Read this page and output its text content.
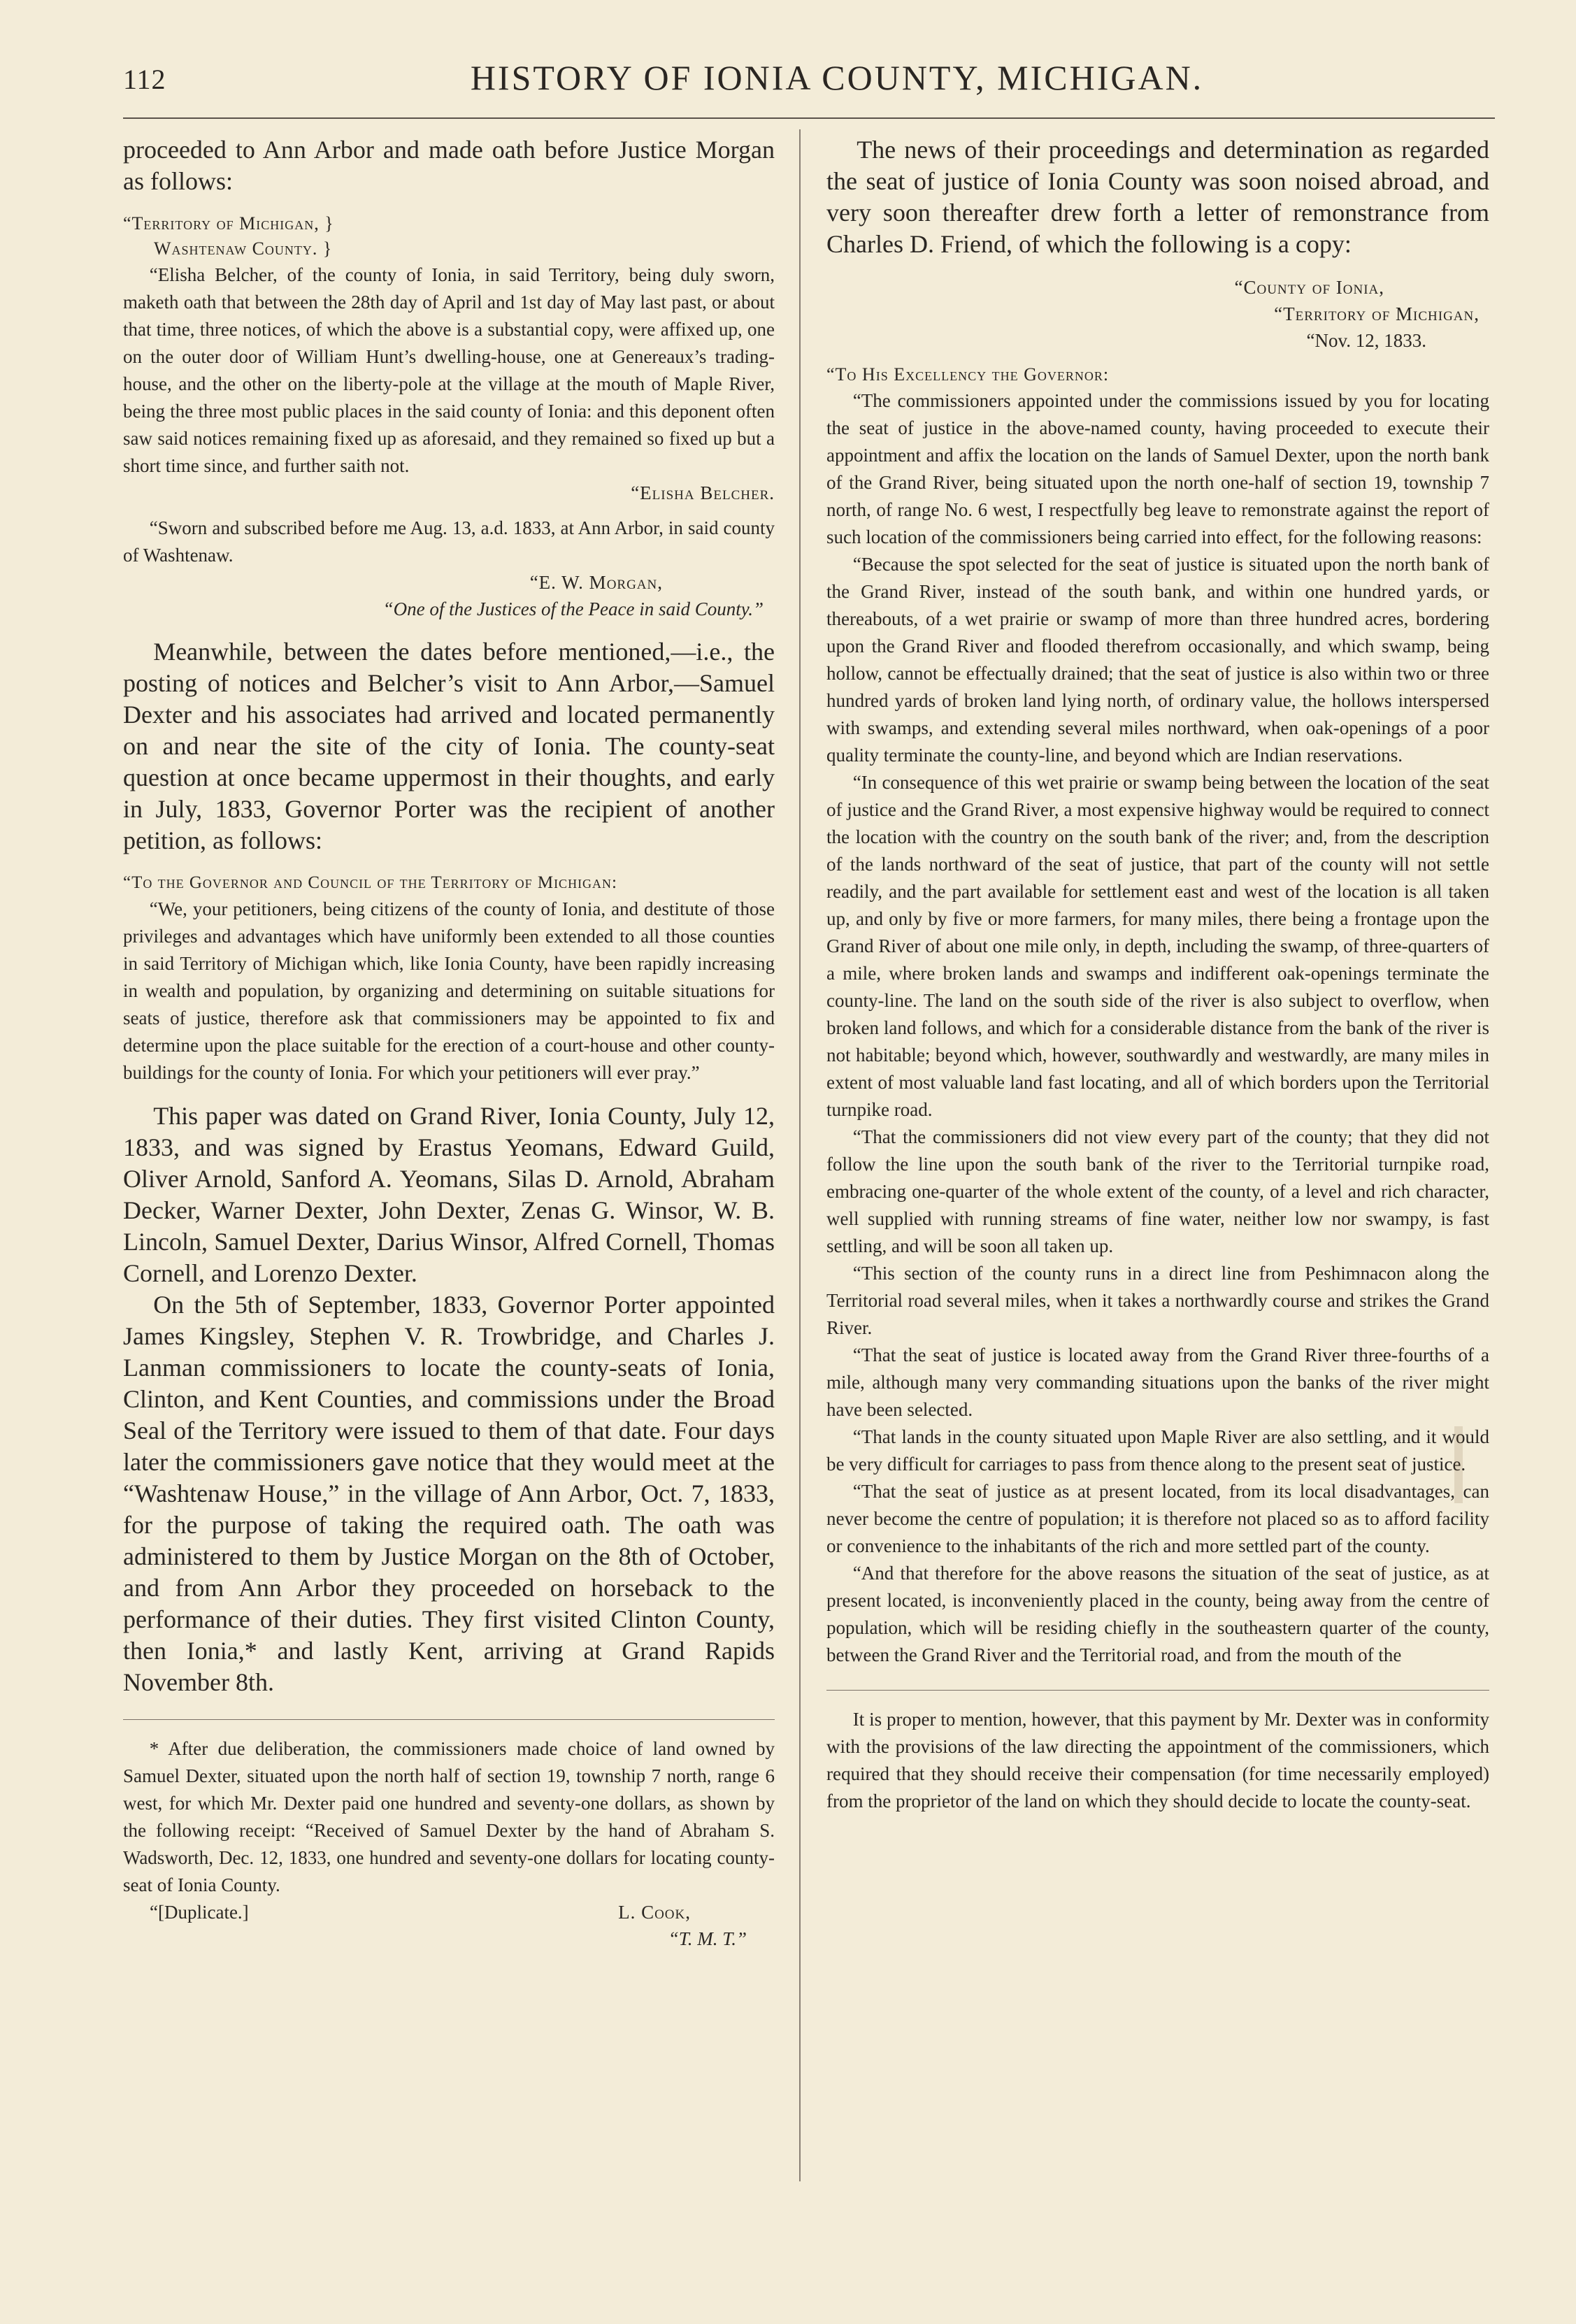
112	HISTORY OF IONIA COUNTY, MICHIGAN.

proceeded to Ann Arbor and made oath before Justice Morgan as follows:

“Territory of Michigan, }

Washtenaw County. }

“Elisha Belcher, of the county of Ionia, in said Territory, being duly sworn, maketh oath that between the 28th day of April and 1st day of May last past, or about that time, three notices, of which the above is a substantial copy, were affixed up, one on the outer door of William Hunt’s dwelling-house, one at Genereaux’s trading-house, and the other on the liberty-pole at the village at the mouth of Maple River, being the three most public places in the said county of Ionia: and this deponent often saw said notices remaining fixed up as aforesaid, and they remained so fixed up but a short time since, and further saith not.

“Elisha Belcher.

“Sworn and subscribed before me Aug. 13, a.d. 1833, at Ann Arbor, in said county of Washtenaw.

“E. W. Morgan,

“One of the Justices of the Peace in said County.”

Meanwhile, between the dates before mentioned,—i.e., the posting of notices and Belcher’s visit to Ann Arbor,—Samuel Dexter and his associates had arrived and located permanently on and near the site of the city of Ionia. The county-seat question at once became uppermost in their thoughts, and early in July, 1833, Governor Porter was the recipient of another petition, as follows:

“To the Governor and Council of the Territory of Michigan:

“We, your petitioners, being citizens of the county of Ionia, and destitute of those privileges and advantages which have uniformly been extended to all those counties in said Territory of Michigan which, like Ionia County, have been rapidly increasing in wealth and population, by organizing and determining on suitable situations for seats of justice, therefore ask that commissioners may be appointed to fix and determine upon the place suitable for the erection of a court-house and other county-buildings for the county of Ionia. For which your petitioners will ever pray.”

This paper was dated on Grand River, Ionia County, July 12, 1833, and was signed by Erastus Yeomans, Edward Guild, Oliver Arnold, Sanford A. Yeomans, Silas D. Arnold, Abraham Decker, Warner Dexter, John Dexter, Zenas G. Winsor, W. B. Lincoln, Samuel Dexter, Darius Winsor, Alfred Cornell, Thomas Cornell, and Lorenzo Dexter.

On the 5th of September, 1833, Governor Porter appointed James Kingsley, Stephen V. R. Trowbridge, and Charles J. Lanman commissioners to locate the county-seats of Ionia, Clinton, and Kent Counties, and commissions under the Broad Seal of the Territory were issued to them of that date. Four days later the commissioners gave notice that they would meet at the “Washtenaw House,” in the village of Ann Arbor, Oct. 7, 1833, for the purpose of taking the required oath. The oath was administered to them by Justice Morgan on the 8th of October, and from Ann Arbor they proceeded on horseback to the performance of their duties. They first visited Clinton County, then Ionia,* and lastly Kent, arriving at Grand Rapids November 8th.

* After due deliberation, the commissioners made choice of land owned by Samuel Dexter, situated upon the north half of section 19, township 7 north, range 6 west, for which Mr. Dexter paid one hundred and seventy-one dollars, as shown by the following receipt: “Received of Samuel Dexter by the hand of Abraham S. Wadsworth, Dec. 12, 1833, one hundred and seventy-one dollars for locating county-seat of Ionia County.

“[Duplicate.]	L. Cook,

“T. M. T.”

The news of their proceedings and determination as regarded the seat of justice of Ionia County was soon noised abroad, and very soon thereafter drew forth a letter of remonstrance from Charles D. Friend, of which the following is a copy:

“County of Ionia,

“Territory of Michigan,

“Nov. 12, 1833.

“To His Excellency the Governor:

“The commissioners appointed under the commissions issued by you for locating the seat of justice in the above-named county, having proceeded to execute their appointment and affix the location on the lands of Samuel Dexter, upon the north bank of the Grand River, being situated upon the north one-half of section 19, township 7 north, of range No. 6 west, I respectfully beg leave to remonstrate against the report of such location of the commissioners being carried into effect, for the following reasons:

“Because the spot selected for the seat of justice is situated upon the north bank of the Grand River, instead of the south bank, and within one hundred yards, or thereabouts, of a wet prairie or swamp of more than three hundred acres, bordering upon the Grand River and flooded therefrom occasionally, and which swamp, being hollow, cannot be effectually drained; that the seat of justice is also within two or three hundred yards of broken land lying north, of ordinary value, the hollows interspersed with swamps, and extending several miles northward, when oak-openings of a poor quality terminate the county-line, and beyond which are Indian reservations.

“In consequence of this wet prairie or swamp being between the location of the seat of justice and the Grand River, a most expensive highway would be required to connect the location with the country on the south bank of the river; and, from the description of the lands northward of the seat of justice, that part of the county will not settle readily, and the part available for settlement east and west of the location is all taken up, and only by five or more farmers, for many miles, there being a frontage upon the Grand River of about one mile only, in depth, including the swamp, of three-quarters of a mile, where broken lands and swamps and indifferent oak-openings terminate the county-line. The land on the south side of the river is also subject to overflow, when broken land follows, and which for a considerable distance from the bank of the river is not habitable; beyond which, however, southwardly and westwardly, are many miles in extent of most valuable land fast locating, and all of which borders upon the Territorial turnpike road.

“That the commissioners did not view every part of the county; that they did not follow the line upon the south bank of the river to the Territorial turnpike road, embracing one-quarter of the whole extent of the county, of a level and rich character, well supplied with running streams of fine water, neither low nor swampy, is fast settling, and will be soon all taken up.

“This section of the county runs in a direct line from Peshimnacon along the Territorial road several miles, when it takes a northwardly course and strikes the Grand River.

“That the seat of justice is located away from the Grand River three-fourths of a mile, although many very commanding situations upon the banks of the river might have been selected.

“That lands in the county situated upon Maple River are also settling, and it would be very difficult for carriages to pass from thence along to the present seat of justice.

“That the seat of justice as at present located, from its local disadvantages, can never become the centre of population; it is therefore not placed so as to afford facility or convenience to the inhabitants of the rich and more settled part of the county.

“And that therefore for the above reasons the situation of the seat of justice, as at present located, is inconveniently placed in the county, being away from the centre of population, which will be residing chiefly in the southeastern quarter of the county, between the Grand River and the Territorial road, and from the mouth of the

It is proper to mention, however, that this payment by Mr. Dexter was in conformity with the provisions of the law directing the appointment of the commissioners, which required that they should receive their compensation (for time necessarily employed) from the proprietor of the land on which they should decide to locate the county-seat.
